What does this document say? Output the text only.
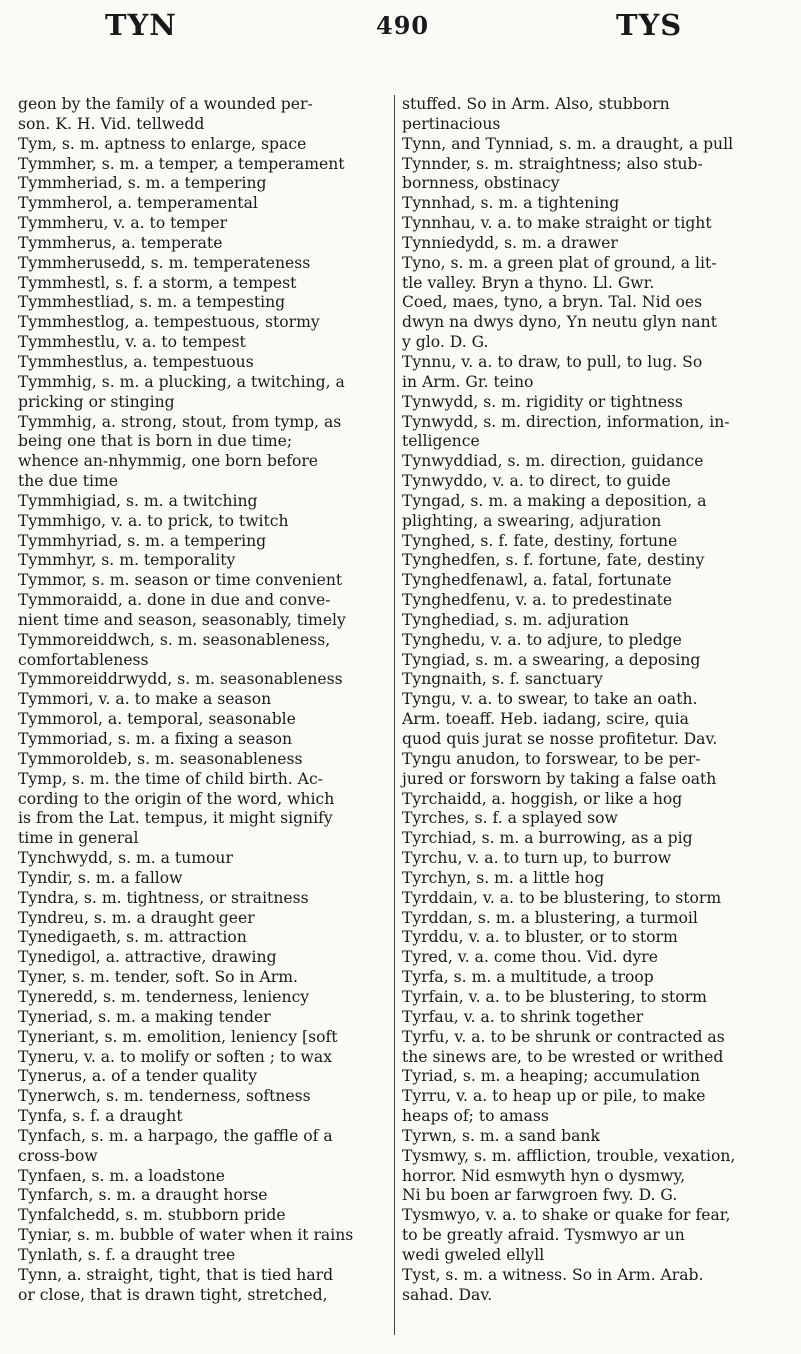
TYN	490	TYS
geon by the family of a wounded per-
son. K. H. Vid. tellwedd
Tym, s. m. aptness to enlarge, space
Tymmher, s. m. a temper, a temperament
Tymmheriad, s. m. a tempering
Tymmherol, a. temperamental
Tymmheru, v. a. to temper
Tymmherus, a. temperate
Tymmherusedd, s. m. temperateness
Tymmhestl, s. f. a storm, a tempest
Tymmhestliad, s. m. a tempesting
Tymmhestlog, a. tempestuous, stormy
Tymmhestlu, v. a. to tempest
Tymmhestlus, a. tempestuous
Tymmhig, s. m. a plucking, a twitching, a
pricking or stinging
Tymmhig, a. strong, stout, from tymp, as
being one that is born in due time;
whence an-nhymmig, one born before
the due time
Tymmhigiad, s. m. a twitching
Tymmhigo, v. a. to prick, to twitch
Tymmhyriad, s. m. a tempering
Tymmhyr, s. m. temporality
Tymmor, s. m. season or time convenient
Tymmoraidd, a. done in due and conve-
nient time and season, seasonably, timely
Tymmoreiddwch, s. m. seasonableness,
comfortableness
Tymmoreiddrwydd, s. m. seasonableness
Tymmori, v. a. to make a season
Tymmorol, a. temporal, seasonable
Tymmoriad, s. m. a fixing a season
Tymmoroldeb, s. m. seasonableness
Tymp, s. m. the time of child birth. Ac-
cording to the origin of the word, which
is from the Lat. tempus, it might signify
time in general
Tynchwydd, s. m. a tumour
Tyndir, s. m. a fallow
Tyndra, s. m. tightness, or straitness
Tyndreu, s. m. a draught geer
Tynedigaeth, s. m. attraction
Tynedigol, a. attractive, drawing
Tyner, s. m. tender, soft. So in Arm.
Tyneredd, s. m. tenderness, leniency
Tyneriad, s. m. a making tender
Tyneriant, s. m. emolition, leniency [soft
Tyneru, v. a. to molify or soften ; to wax
Tynerus, a. of a tender quality
Tynerwch, s. m. tenderness, softness
Tynfa, s. f. a draught
Tynfach, s. m. a harpago, the gaffle of a
cross-bow
Tynfaen, s. m. a loadstone
Tynfarch, s. m. a draught horse
Tynfalchedd, s. m. stubborn pride
Tyniar, s. m. bubble of water when it rains
Tynlath, s. f. a draught tree
Tynn, a. straight, tight, that is tied hard
or close, that is drawn tight, stretched,
stuffed. So in Arm. Also, stubborn
pertinacious
Tynn, and Tynniad, s. m. a draught, a pull
Tynnder, s. m. straightness; also stub-
bornness, obstinacy
Tynnhad, s. m. a tightening
Tynnhau, v. a. to make straight or tight
Tynniedydd, s. m. a drawer
Tyno, s. m. a green plat of ground, a lit-
tle valley. Bryn a thyno. Ll. Gwr.
Coed, maes, tyno, a bryn. Tal. Nid oes
dwyn na dwys dyno, Yn neutu glyn nant
y glo. D. G.
Tynnu, v. a. to draw, to pull, to lug. So
in Arm. Gr. teino
Tynwydd, s. m. rigidity or tightness
Tynwydd, s. m. direction, information, in-
telligence
Tynwyddiad, s. m. direction, guidance
Tynwyddo, v. a. to direct, to guide
Tyngad, s. m. a making a deposition, a
plighting, a swearing, adjuration
Tynghed, s. f. fate, destiny, fortune
Tynghedfen, s. f. fortune, fate, destiny
Tynghedfenawl, a. fatal, fortunate
Tynghedfenu, v. a. to predestinate
Tynghediad, s. m. adjuration
Tynghedu, v. a. to adjure, to pledge
Tyngiad, s. m. a swearing, a deposing
Tyngnaith, s. f. sanctuary
Tyngu, v. a. to swear, to take an oath.
Arm. toeaff. Heb. iadang, scire, quia
quod quis jurat se nosse profitetur. Dav.
Tyngu anudon, to forswear, to be per-
jured or forsworn by taking a false oath
Tyrchaidd, a. hoggish, or like a hog
Tyrches, s. f. a splayed sow
Tyrchiad, s. m. a burrowing, as a pig
Tyrchu, v. a. to turn up, to burrow
Tyrchyn, s. m. a little hog
Tyrddain, v. a. to be blustering, to storm
Tyrddan, s. m. a blustering, a turmoil
Tyrddu, v. a. to bluster, or to storm
Tyred, v. a. come thou. Vid. dyre
Tyrfa, s. m. a multitude, a troop
Tyrfain, v. a. to be blustering, to storm
Tyrfau, v. a. to shrink together
Tyrfu, v. a. to be shrunk or contracted as
the sinews are, to be wrested or writhed
Tyriad, s. m. a heaping; accumulation
Tyrru, v. a. to heap up or pile, to make
heaps of; to amass
Tyrwn, s. m. a sand bank
Tysmwy, s. m. affliction, trouble, vexation,
horror. Nid esmwyth hyn o dysmwy,
Ni bu boen ar farwgroen fwy. D. G.
Tysmwyo, v. a. to shake or quake for fear,
to be greatly afraid. Tysmwyo ar un
wedi gweled ellyll
Tyst, s. m. a witness. So in Arm. Arab.
sahad. Dav.
